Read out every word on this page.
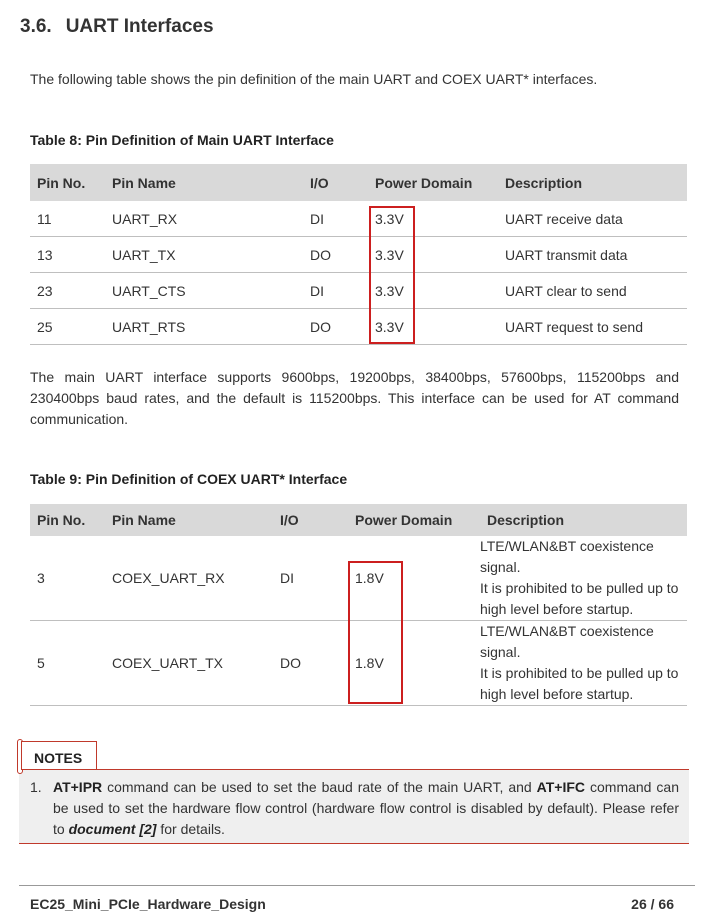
3.6. UART Interfaces
The following table shows the pin definition of the main UART and COEX UART* interfaces.
Table 8: Pin Definition of Main UART Interface
Pin No.	Pin Name	I/O	Power Domain	Description
11	UART_RX	DI	3.3V	UART receive data
13	UART_TX	DO	3.3V	UART transmit data
23	UART_CTS	DI	3.3V	UART clear to send
25	UART_RTS	DO	3.3V	UART request to send
The main UART interface supports 9600bps, 19200bps, 38400bps, 57600bps, 115200bps and 230400bps baud rates, and the default is 115200bps. This interface can be used for AT command communication.
Table 9: Pin Definition of COEX UART* Interface
Pin No.	Pin Name	I/O	Power Domain	Description
3	COEX_UART_RX	DI	1.8V	LTE/WLAN&BT coexistence signal.
It is prohibited to be pulled up to high level before startup.

5	COEX_UART_TX	DO	1.8V	LTE/WLAN&BT coexistence signal.
It is prohibited to be pulled up to high level before startup.
NOTES
1. AT+IPR command can be used to set the baud rate of the main UART, and AT+IFC command can be used to set the hardware flow control (hardware flow control is disabled by default). Please refer to document [2] for details.
EC25_Mini_PCIe_Hardware_Design	26 / 66
